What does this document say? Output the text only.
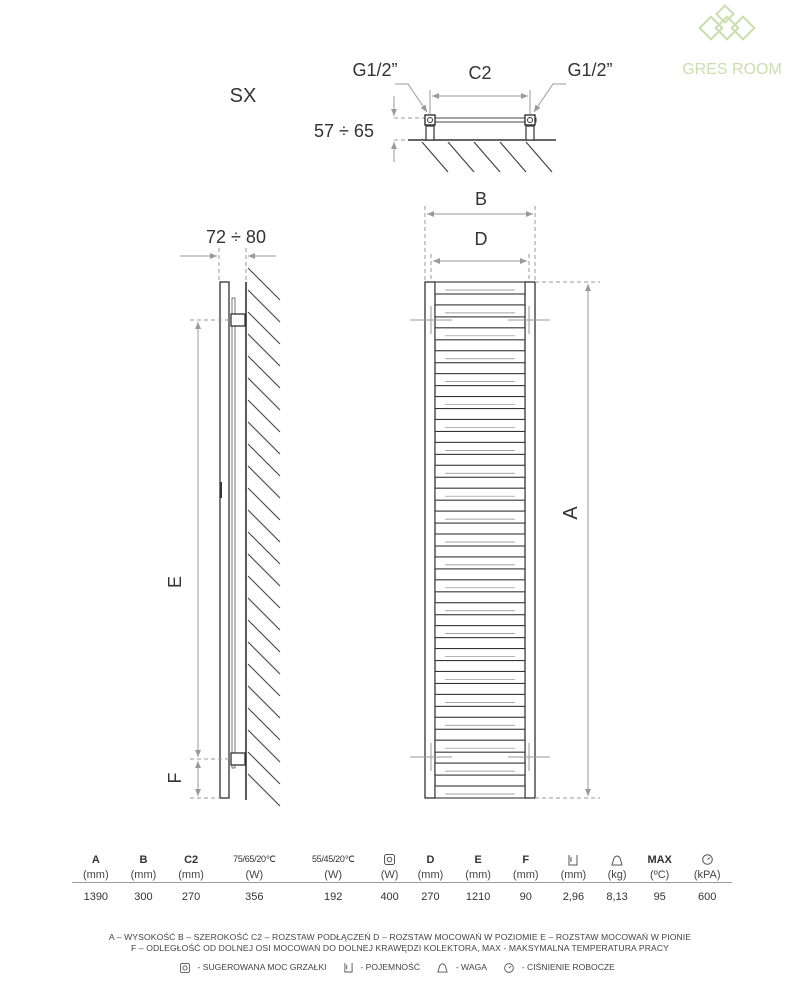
GRES ROOM
SX
57 ÷ 65
C2
G1/2”	G1/2”
72 ÷ 80
E
F
B
D
A
A	B	C2	75/65/20℃	55/45/20℃		D	E	F			MAX	
(mm)	(mm)	(mm)	(W)	(W)	(W)	(mm)	(mm)	(mm)	(mm)	(kg)	(ºC)	(kPA)
1390	300	270	356	192	400	270	1210	90	2,96	8,13	95	600
A – WYSOKOŚĆ B – SZEROKOŚĆ C2 – ROZSTAW PODŁĄCZEŃ D – ROZSTAW MOCOWAŃ W POZIOMIE E – ROZSTAW MOCOWAŃ W PIONIE
F – ODLEGŁOŚĆ OD DOLNEJ OSI MOCOWAŃ DO DOLNEJ KRAWĘDZI KOLEKTORA, MAX - MAKSYMALNA TEMPERATURA PRACY
- SUGEROWANA MOC GRZAŁKI	- POJEMNOŚĆ	- WAGA	- CIŚNIENIE ROBOCZE
